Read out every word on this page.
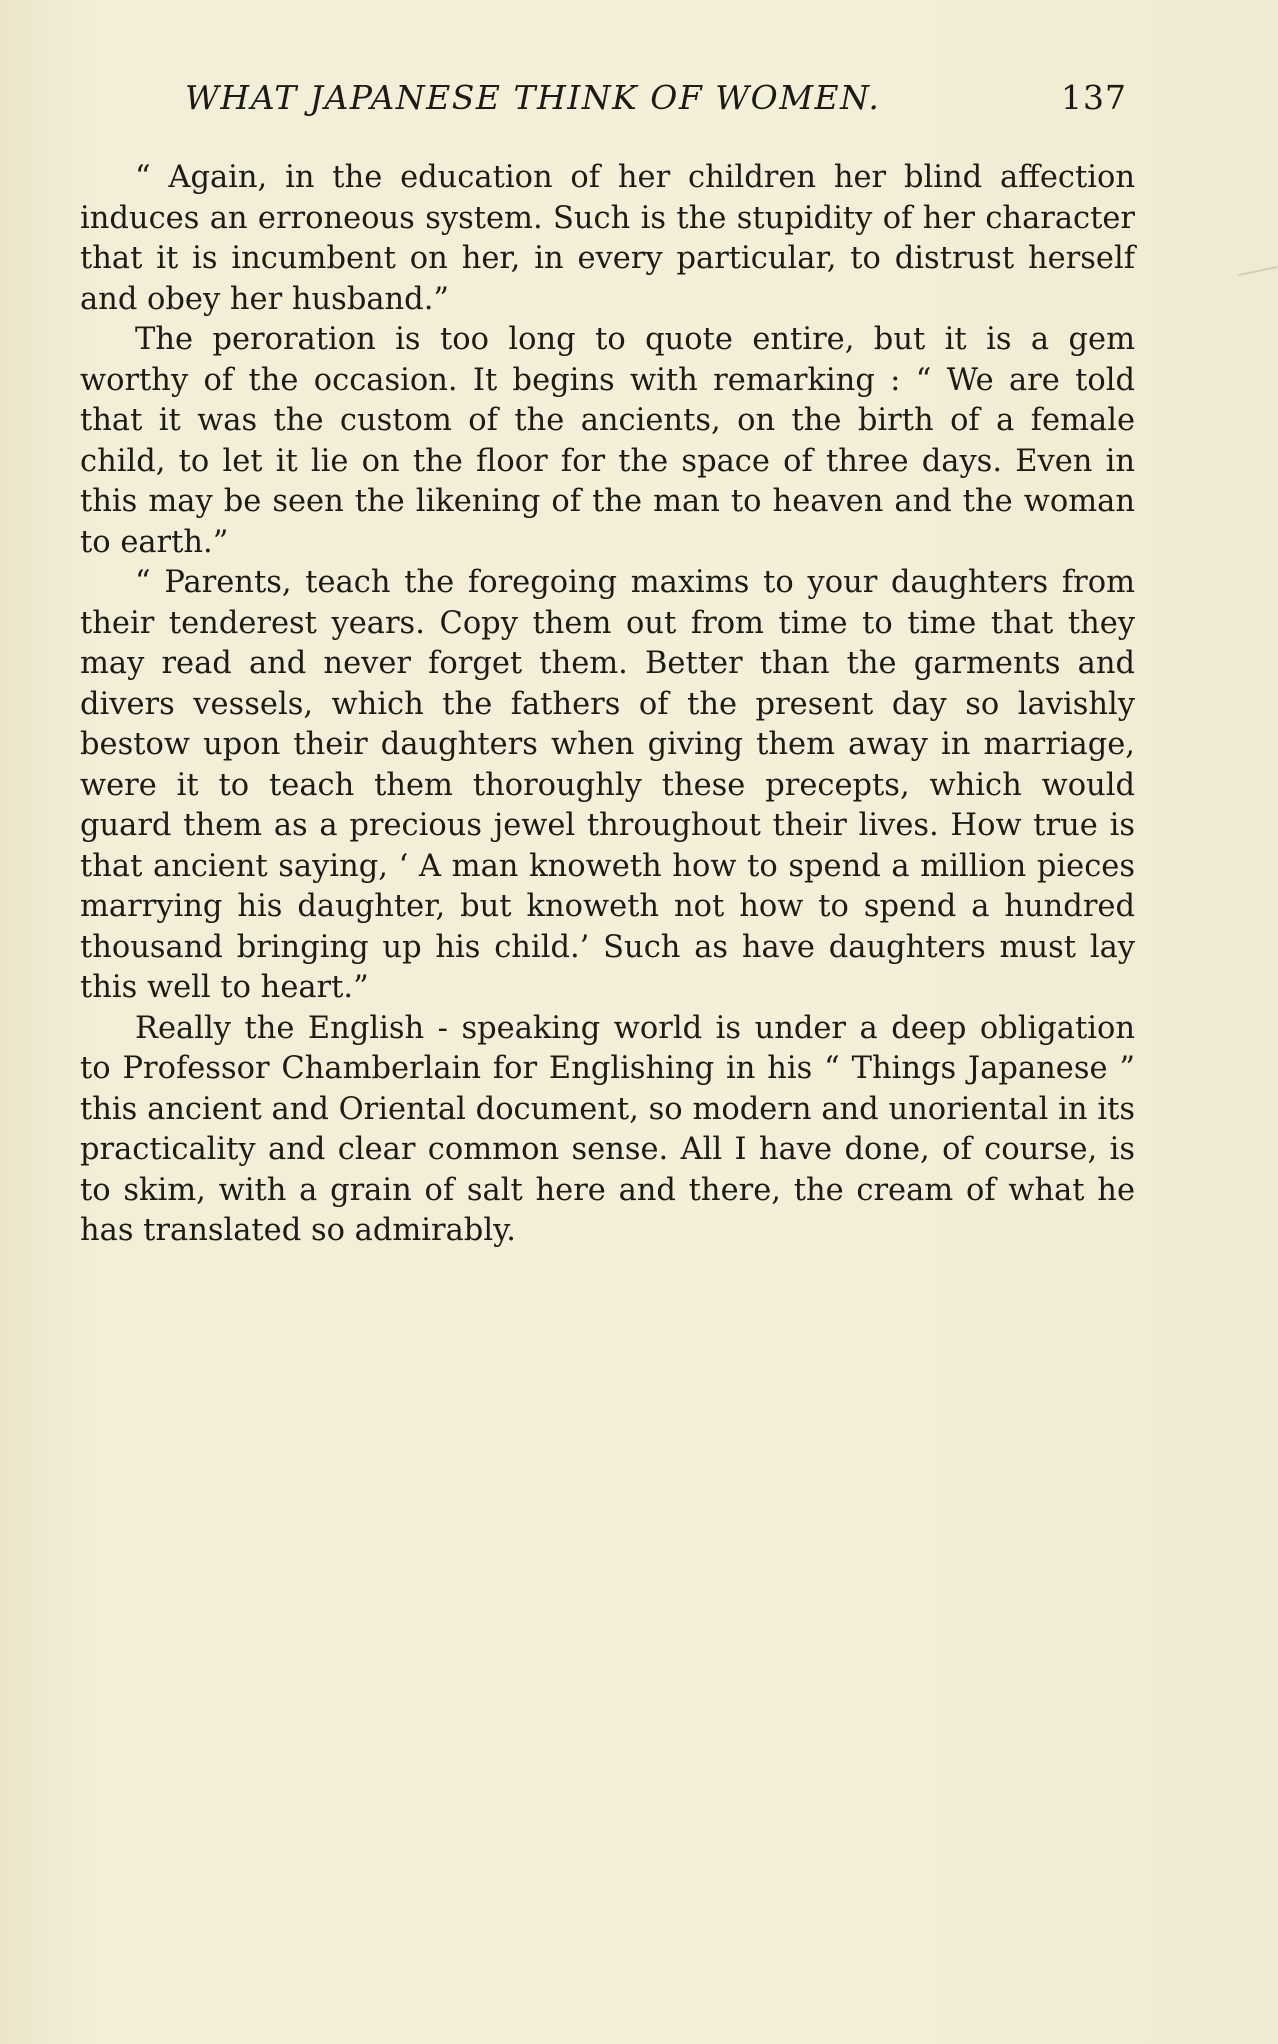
WHAT JAPANESE THINK OF WOMEN.	137

“ Again, in the education of her children her blind affection induces an erroneous system. Such is the stupidity of her character that it is incumbent on her, in every particular, to distrust herself and obey her husband.”

The peroration is too long to quote entire, but it is a gem worthy of the occasion. It begins with remarking : “ We are told that it was the custom of the ancients, on the birth of a female child, to let it lie on the floor for the space of three days. Even in this may be seen the likening of the man to heaven and the woman to earth.”

“ Parents, teach the foregoing maxims to your daughters from their tenderest years. Copy them out from time to time that they may read and never forget them. Better than the garments and divers vessels, which the fathers of the present day so lavishly bestow upon their daughters when giving them away in marriage, were it to teach them thoroughly these precepts, which would guard them as a precious jewel throughout their lives. How true is that ancient saying, ‘ A man knoweth how to spend a million pieces marrying his daughter, but knoweth not how to spend a hundred thousand bringing up his child.’ Such as have daughters must lay this well to heart.”

Really the English - speaking world is under a deep obligation to Professor Chamberlain for Englishing in his “ Things Japanese ” this ancient and Oriental document, so modern and unoriental in its practicality and clear common sense. All I have done, of course, is to skim, with a grain of salt here and there, the cream of what he has translated so admirably.
